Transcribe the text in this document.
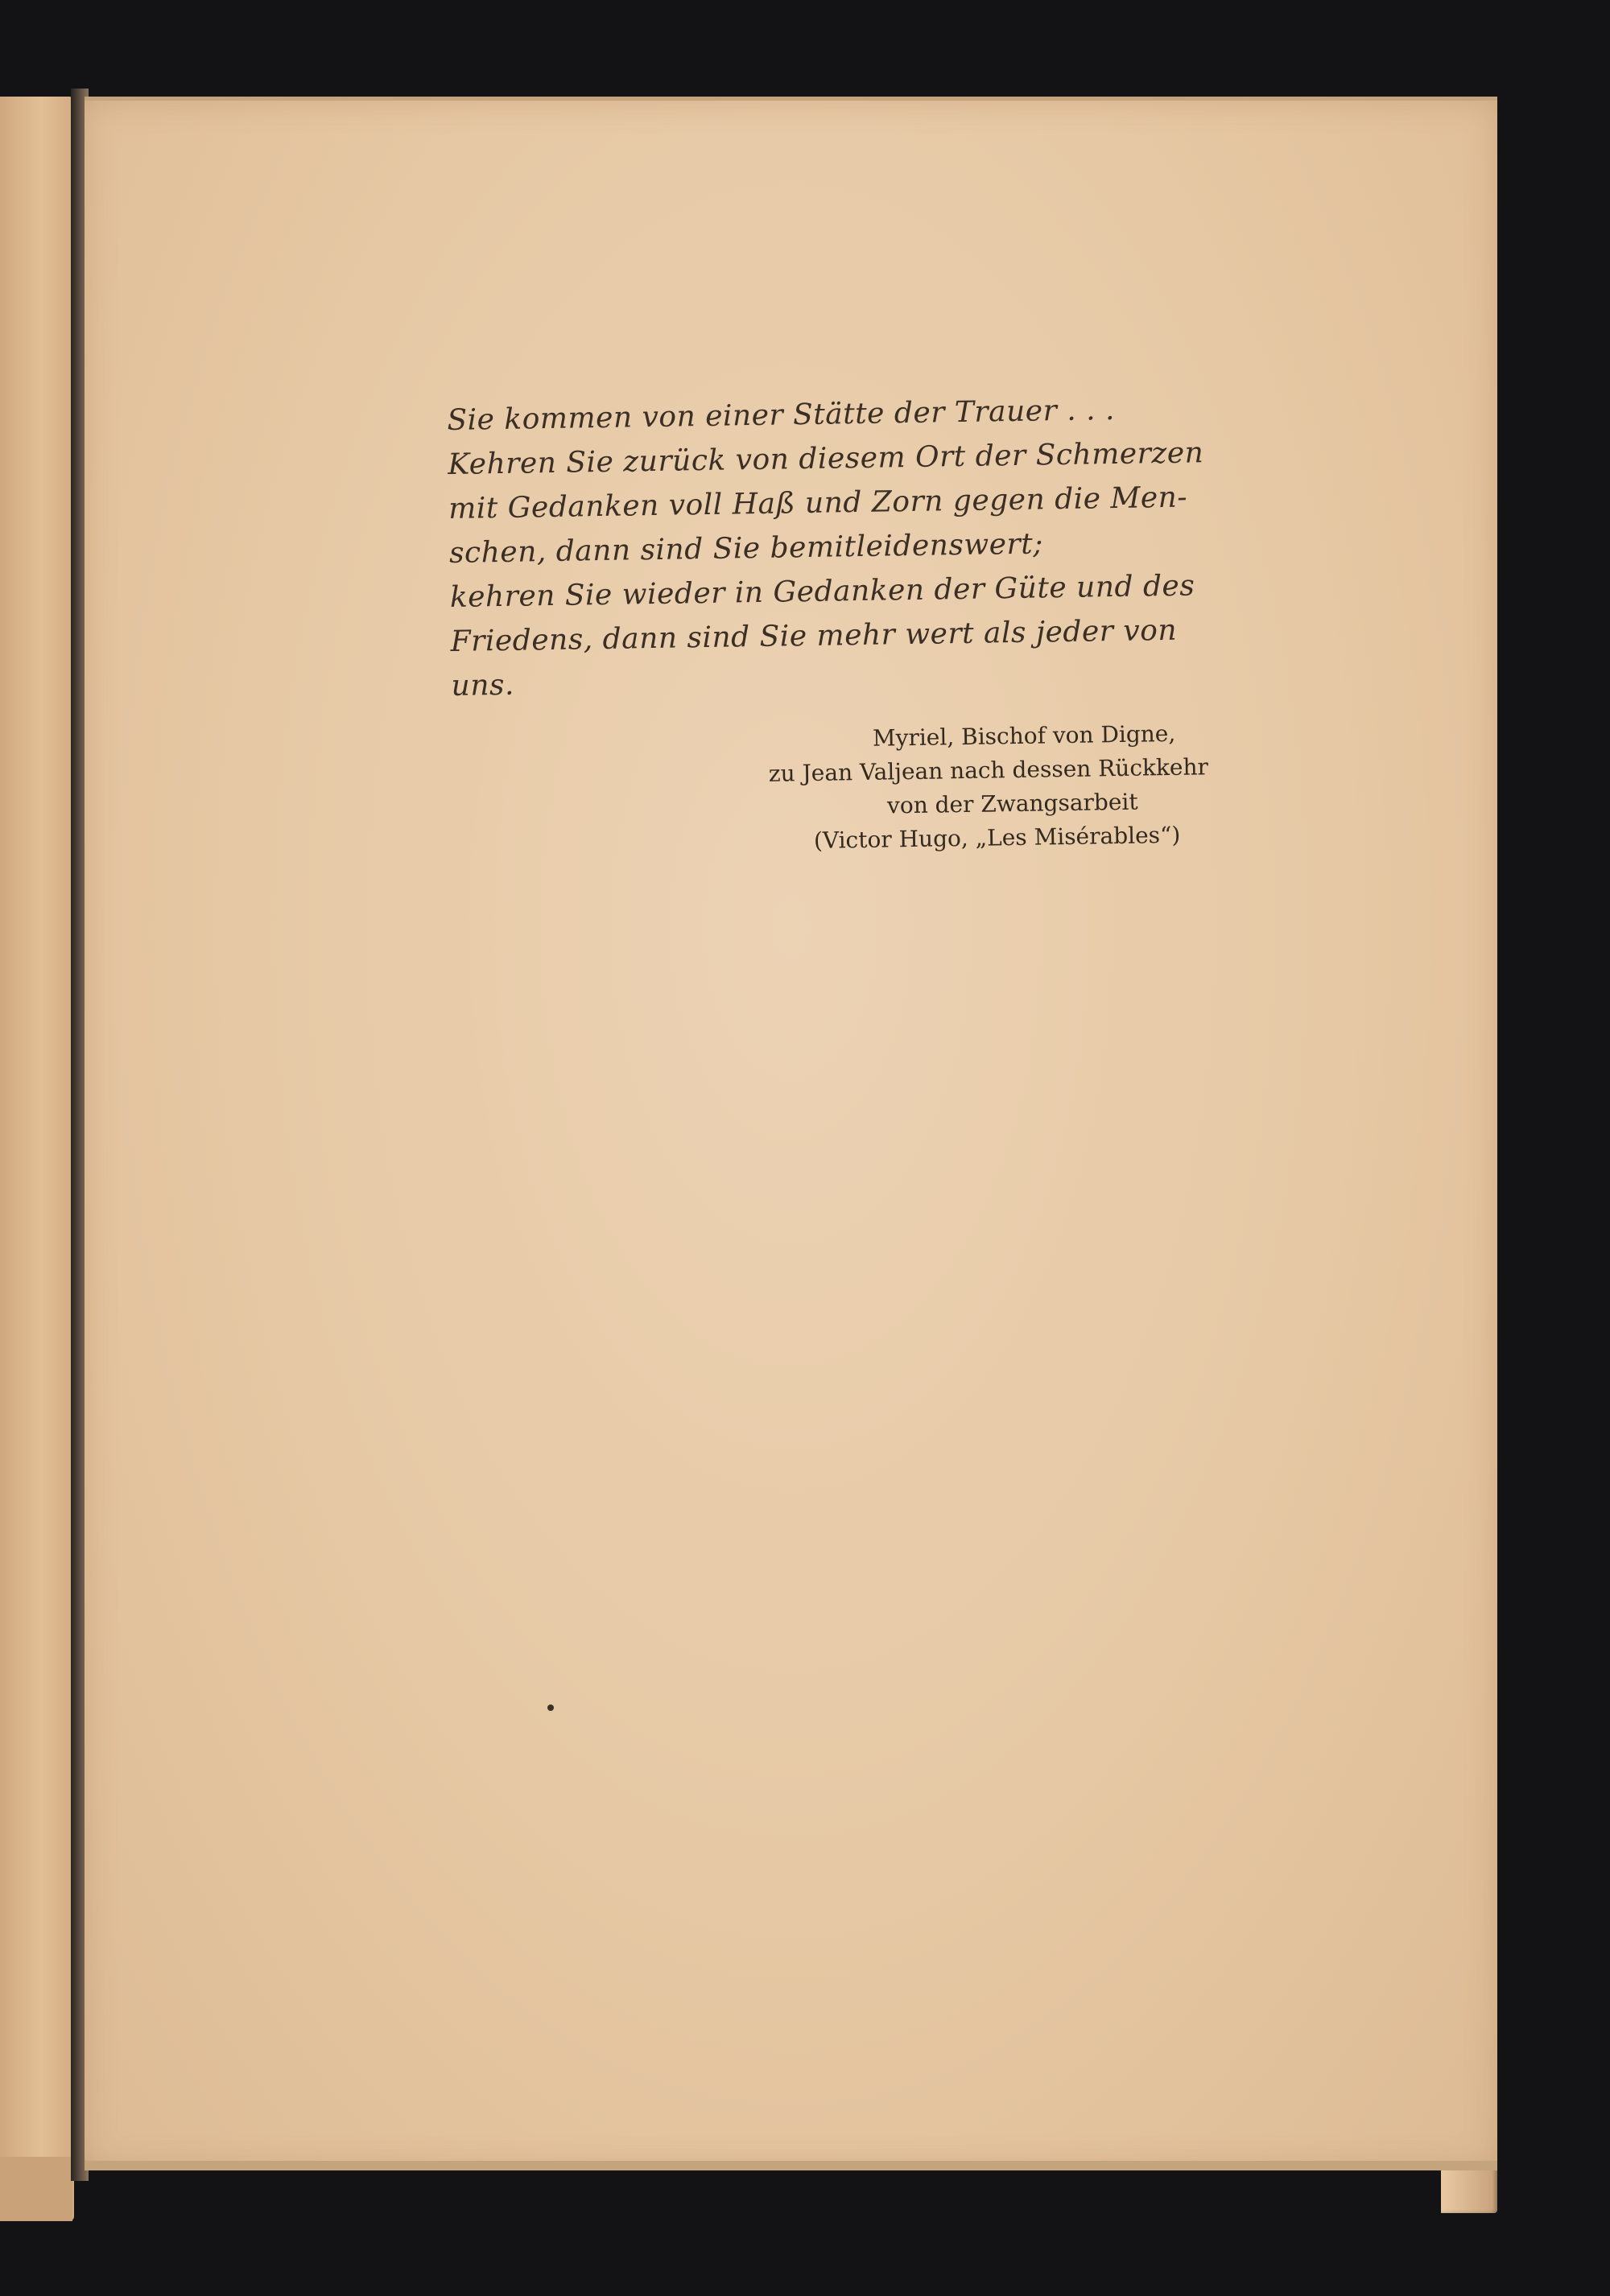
Sie kommen von einer Stätte der Trauer . . .
Kehren Sie zurück von diesem Ort der Schmerzen
mit Gedanken voll Haß und Zorn gegen die Men-
schen, dann sind Sie bemitleidenswert;
kehren Sie wieder in Gedanken der Güte und des
Friedens, dann sind Sie mehr wert als jeder von
uns.
Myriel, Bischof von Digne,
zu Jean Valjean nach dessen Rückkehr
von der Zwangsarbeit
(Victor Hugo, „Les Misérables“)
